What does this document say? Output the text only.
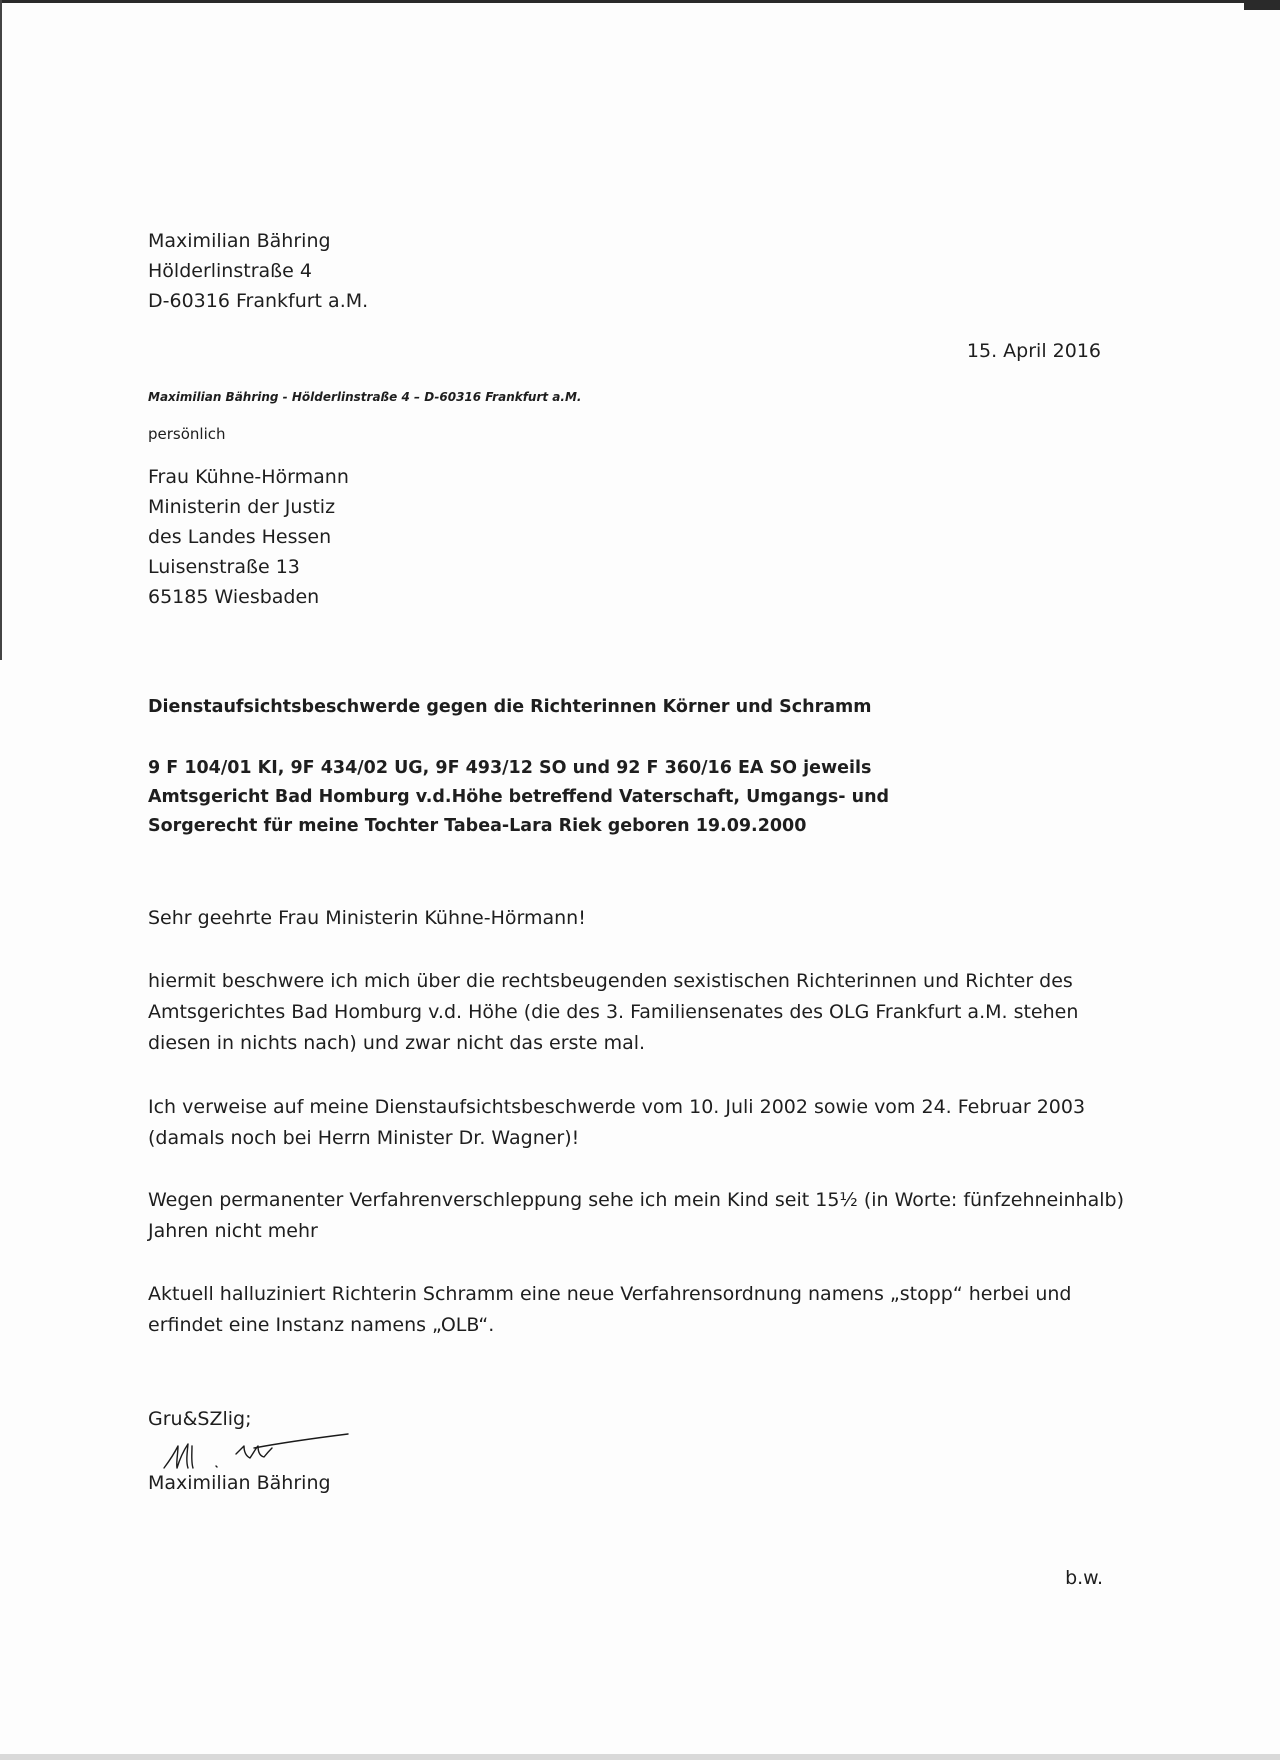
Maximilian Bähring
Hölderlinstraße 4
D-60316 Frankfurt a.M.
15. April 2016
Maximilian Bähring - Hölderlinstraße 4 – D-60316 Frankfurt a.M.
persönlich
Frau Kühne-Hörmann
Ministerin der Justiz
des Landes Hessen
Luisenstraße 13
65185 Wiesbaden
Dienstaufsichtsbeschwerde gegen die Richterinnen Körner und Schramm
9 F 104/01 KI, 9F 434/02 UG, 9F 493/12 SO und 92 F 360/16 EA SO jeweils
Amtsgericht Bad Homburg v.d.Höhe betreffend Vaterschaft, Umgangs- und
Sorgerecht für meine Tochter Tabea-Lara Riek geboren 19.09.2000
Sehr geehrte Frau Ministerin Kühne-Hörmann!
hiermit beschwere ich mich über die rechtsbeugenden sexistischen Richterinnen und Richter des
Amtsgerichtes Bad Homburg v.d. Höhe (die des 3. Familiensenates des OLG Frankfurt a.M. stehen
diesen in nichts nach) und zwar nicht das erste mal.
Ich verweise auf meine Dienstaufsichtsbeschwerde vom 10. Juli 2002 sowie vom 24. Februar 2003
(damals noch bei Herrn Minister Dr. Wagner)!
Wegen permanenter Verfahrenverschleppung sehe ich mein Kind seit 15½ (in Worte: fünfzehneinhalb)
Jahren nicht mehr
Aktuell halluziniert Richterin Schramm eine neue Verfahrensordnung namens „stopp“ herbei und
erfindet eine Instanz namens „OLB“.
Gru&SZlig;
Maximilian Bähring
b.w.
